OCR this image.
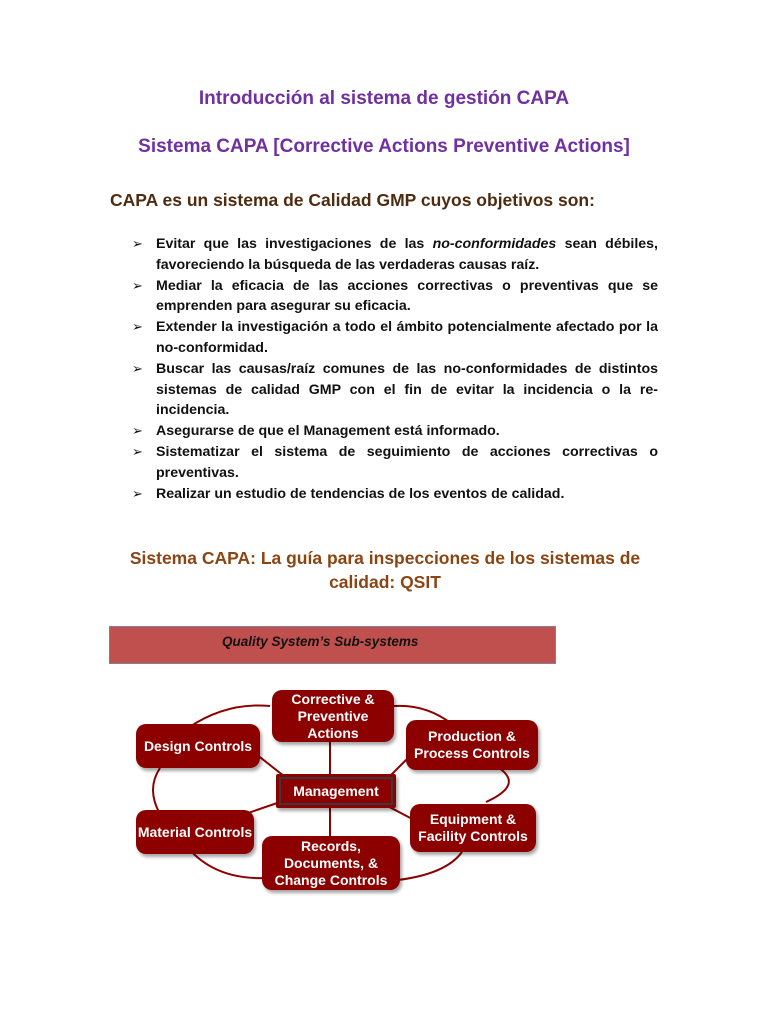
Introducción al sistema de gestión CAPA
Sistema CAPA [Corrective Actions Preventive Actions]
CAPA es un sistema de Calidad GMP cuyos objetivos son:
➢ Evitar que las investigaciones de las no-conformidades sean débiles, favoreciendo la búsqueda de las verdaderas causas raíz.
➢ Mediar la eficacia de las acciones correctivas o preventivas que se emprenden para asegurar su eficacia.
➢ Extender la investigación a todo el ámbito potencialmente afectado por la no-conformidad.
➢ Buscar las causas/raíz comunes de las no-conformidades de distintos sistemas de calidad GMP con el fin de evitar la incidencia o la re-incidencia.
➢ Asegurarse de que el Management está informado.
➢ Sistematizar el sistema de seguimiento de acciones correctivas o preventivas.
➢ Realizar un estudio de tendencias de los eventos de calidad.
Sistema CAPA: La guía para inspecciones de los sistemas de calidad: QSIT
Quality System’s Sub-systems
Corrective & Preventive Actions
Design Controls
Production & Process Controls
Management
Material Controls
Equipment & Facility Controls
Records, Documents, & Change Controls
